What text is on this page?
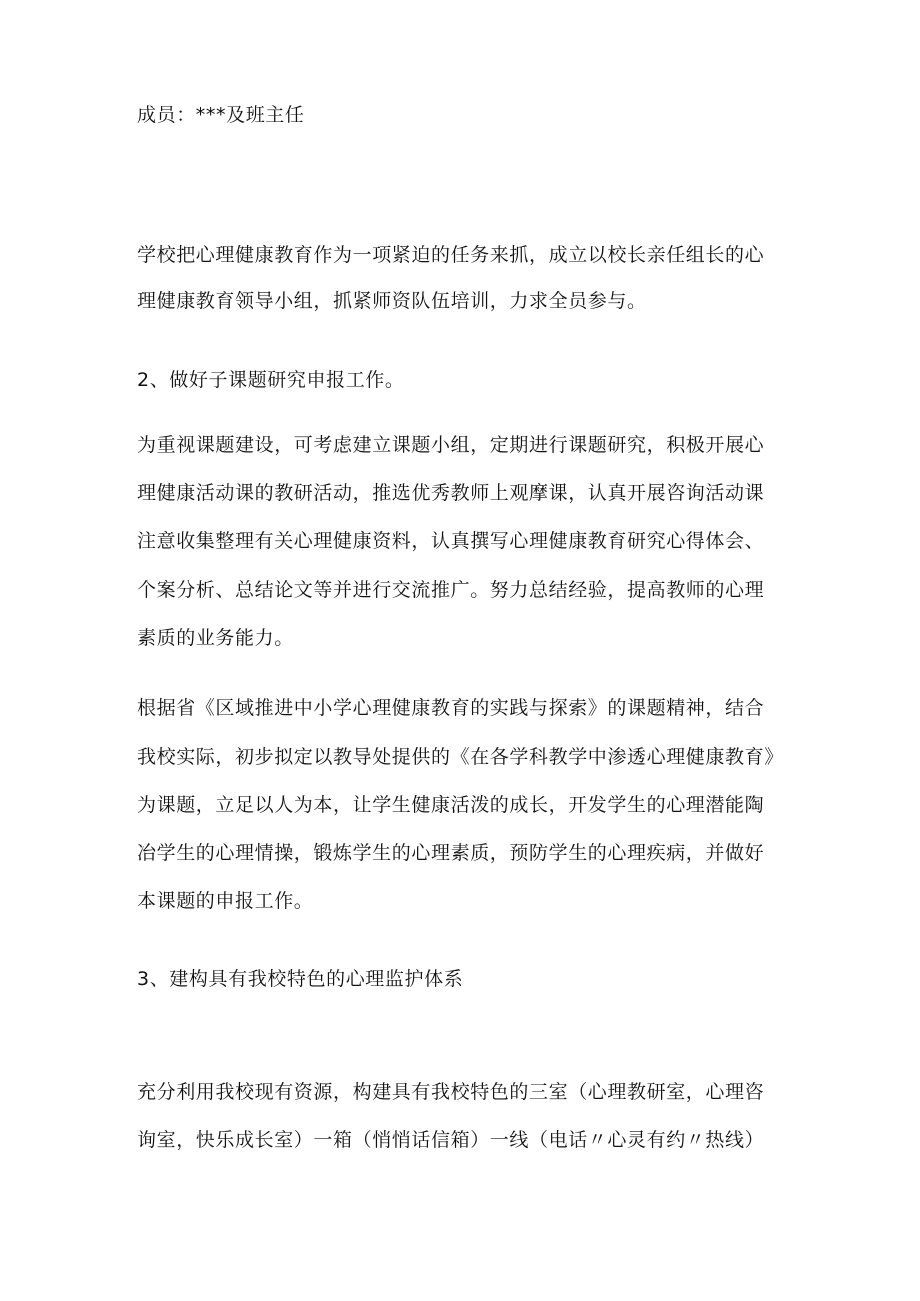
成员：***及班主任
学校把心理健康教育作为一项紧迫的任务来抓，成立以校长亲任组长的心
理健康教育领导小组，抓紧师资队伍培训，力求全员参与。
2、做好子课题研究申报工作。
为重视课题建设，可考虑建立课题小组，定期进行课题研究，积极开展心
理健康活动课的教研活动，推选优秀教师上观摩课，认真开展咨询活动课
注意收集整理有关心理健康资料，认真撰写心理健康教育研究心得体会、
个案分析、总结论文等并进行交流推广。努力总结经验，提高教师的心理
素质的业务能力。
根据省《区域推进中小学心理健康教育的实践与探索》的课题精神，结合
我校实际，初步拟定以教导处提供的《在各学科教学中渗透心理健康教育》
为课题，立足以人为本，让学生健康活泼的成长，开发学生的心理潜能陶
冶学生的心理情操，锻炼学生的心理素质，预防学生的心理疾病，并做好
本课题的申报工作。
3、建构具有我校特色的心理监护体系
充分利用我校现有资源，构建具有我校特色的三室（心理教研室，心理咨
询室，快乐成长室）一箱（悄悄话信箱）一线（电话〃心灵有约〃热线）
